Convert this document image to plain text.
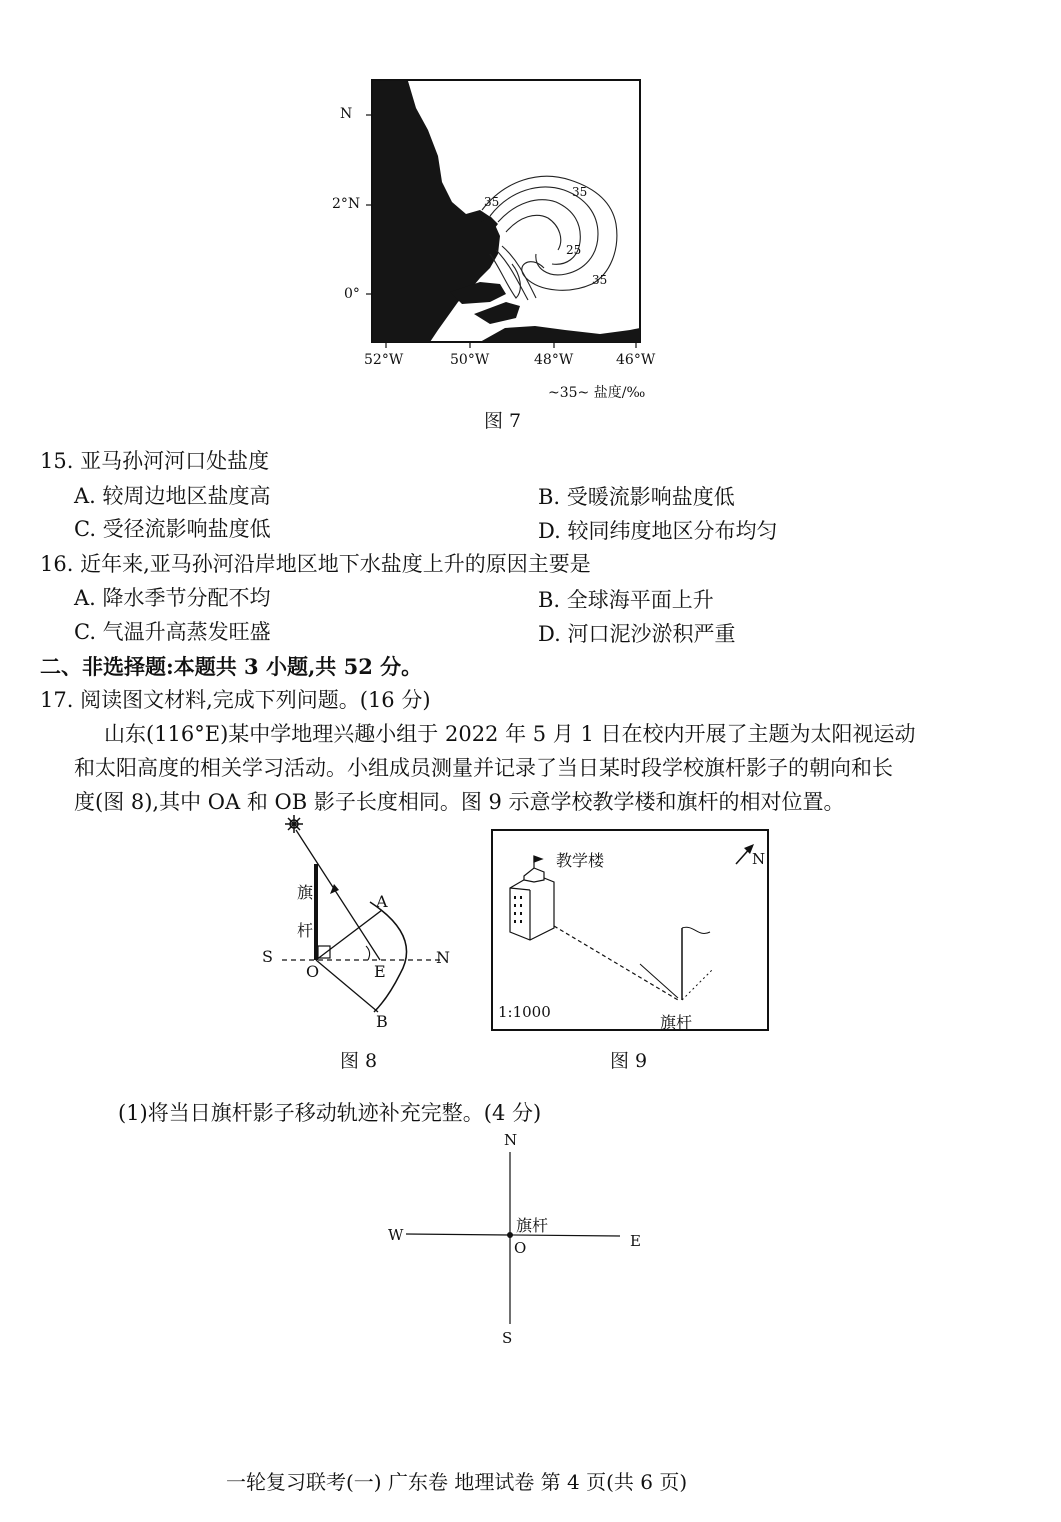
35
35
25
35
N
2°N
0°
52°W	50°W	48°W	46°W
~35~ 盐度/‰
图 7
15. 亚马孙河河口处盐度
A. 较周边地区盐度高	B. 受暖流影响盐度低
C. 受径流影响盐度低	D. 较同纬度地区分布均匀
16. 近年来,亚马孙河沿岸地区地下水盐度上升的原因主要是
A. 降水季节分配不均	B. 全球海平面上升
C. 气温升高蒸发旺盛	D. 河口泥沙淤积严重
二、非选择题:本题共 3 小题,共 52 分。
17. 阅读图文材料,完成下列问题。(16 分)
山东(116°E)某中学地理兴趣小组于 2022 年 5 月 1 日在校内开展了主题为太阳视运动
和太阳高度的相关学习活动。小组成员测量并记录了当日某时段学校旗杆影子的朝向和长
度(图 8),其中 OA 和 OB 影子长度相同。图 9 示意学校教学楼和旗杆的相对位置。
旗
杆
S	N
O	E
A
B
图 8
教学楼	N
1:1000
旗杆
图 9
(1)将当日旗杆影子移动轨迹补充完整。(4 分)
N
S
W	E
旗杆
O
一轮复习联考(一) 广东卷 地理试卷 第 4 页(共 6 页)
